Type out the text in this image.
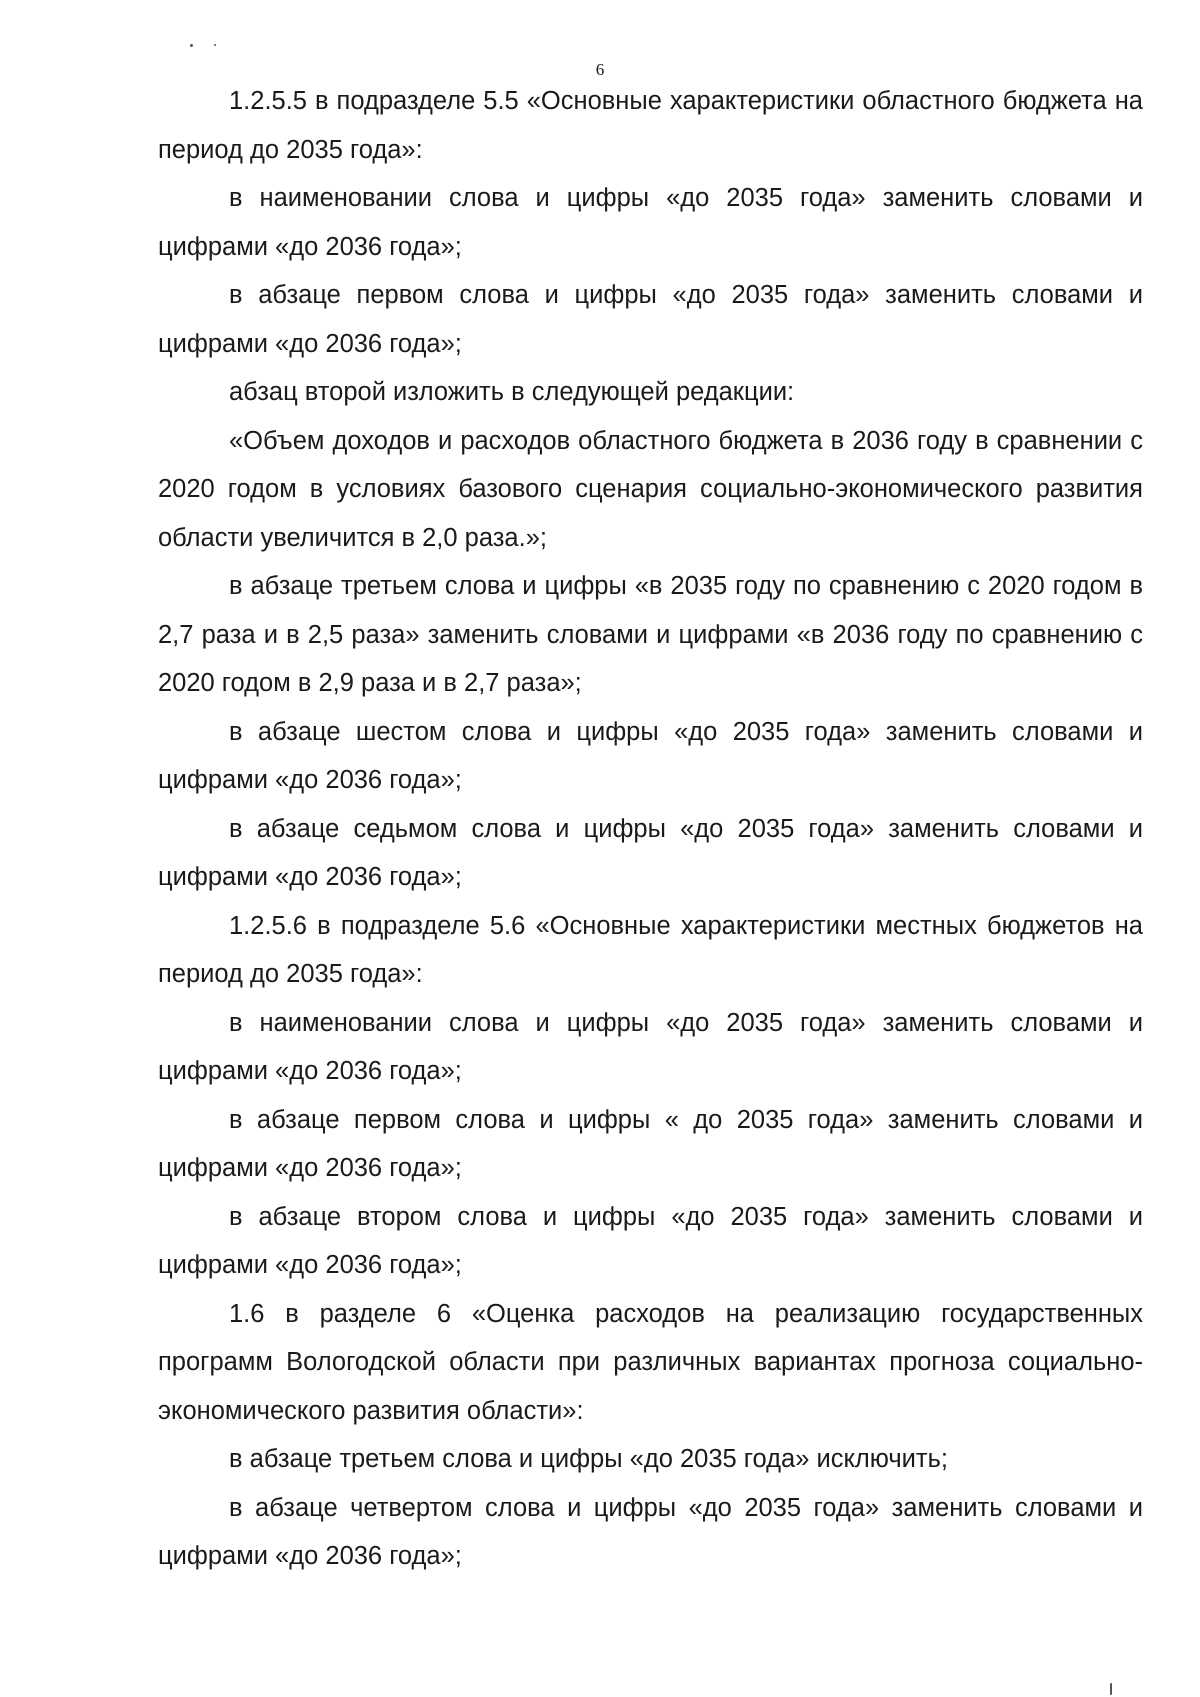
6

1.2.5.5 в подразделе 5.5 «Основные характеристики областного бюджета на период до 2035 года»:

в наименовании слова и цифры «до 2035 года» заменить словами и цифрами «до 2036 года»;

в абзаце первом слова и цифры «до 2035 года» заменить словами и цифрами «до 2036 года»;

абзац второй изложить в следующей редакции:

«Объем доходов и расходов областного бюджета в 2036 году в сравнении с 2020 годом в условиях базового сценария социально-экономического развития области увеличится в 2,0 раза.»;

в абзаце третьем слова и цифры «в 2035 году по сравнению с 2020 годом в 2,7 раза и в 2,5 раза» заменить словами и цифрами «в 2036 году по сравнению с 2020 годом в 2,9 раза и в 2,7 раза»;

в абзаце шестом слова и цифры «до 2035 года» заменить словами и цифрами «до 2036 года»;

в абзаце седьмом слова и цифры «до 2035 года» заменить словами и цифрами «до 2036 года»;

1.2.5.6 в подразделе 5.6 «Основные характеристики местных бюджетов на период до 2035 года»:

в наименовании слова и цифры «до 2035 года» заменить словами и цифрами «до 2036 года»;

в абзаце первом слова и цифры « до 2035 года» заменить словами и цифрами «до 2036 года»;

в абзаце втором слова и цифры «до 2035 года» заменить словами и цифрами «до 2036 года»;

1.6 в разделе 6 «Оценка расходов на реализацию государственных программ Вологодской области при различных вариантах прогноза социально-экономического развития области»:

в абзаце третьем слова и цифры «до 2035 года» исключить;

в абзаце четвертом слова и цифры «до 2035 года» заменить словами и цифрами «до 2036 года»;
